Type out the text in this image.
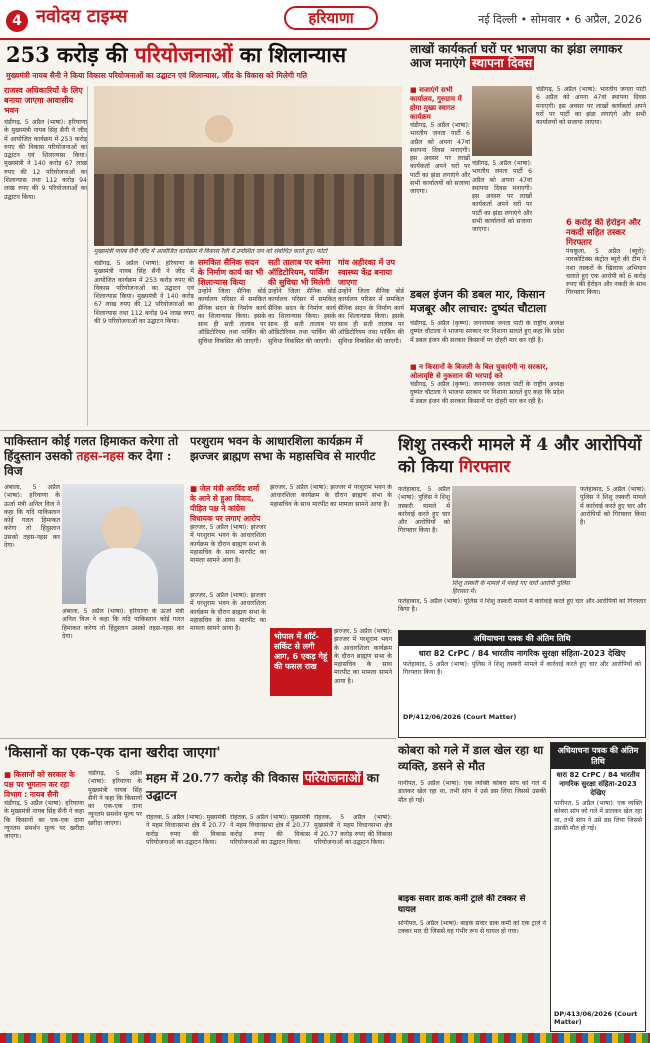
4 नवोदय टाइम्स	हरियाणा	नई दिल्ली • सोमवार • 6 अप्रैल, 2026
253 करोड़ की परियोजनाओं का शिलान्यास
मुख्यमंत्री नायब सैनी ने किया विकास परियोजनाओं का उद्घाटन एवं शिलान्यास, जींद के विकास को मिलेगी गति
राजस्व अधिकारियों के लिए बनाया जाएगा आवासीय भवन
चंडीगढ़, 5 अप्रैल (भाषा): हरियाणा के मुख्यमंत्री नायब सिंह सैनी ने जींद में आयोजित कार्यक्रम में 253 करोड़ रुपए की विकास परियोजनाओं का उद्घाटन एवं शिलान्यास किया। मुख्यमंत्री ने 140 करोड़ 67 लाख रुपए की 12 परियोजनाओं का शिलान्यास तथा 112 करोड़ 94 लाख रुपए की 9 परियोजनाओं का उद्घाटन किया।
मुख्यमंत्री नायब सैनी जींद में आयोजित कार्यक्रम में विकास रैली में उपस्थित जन को संबोधित करते हुए। फोटो
चंडीगढ़, 5 अप्रैल (भाषा): हरियाणा के मुख्यमंत्री नायब सिंह सैनी ने जींद में आयोजित कार्यक्रम में 253 करोड़ रुपए की विकास परियोजनाओं का उद्घाटन एवं शिलान्यास किया। मुख्यमंत्री ने 140 करोड़ 67 लाख रुपए की 12 परियोजनाओं का शिलान्यास तथा 112 करोड़ 94 लाख रुपए की 9 परियोजनाओं का उद्घाटन किया।
समकित सैनिक सदन के निर्माण कार्य का भी शिलान्यास किया
उन्होंने जिला सैनिक बोर्ड कार्यालय परिसर में समकित सैनिक सदन के निर्माण कार्य का शिलान्यास किया। इसके साथ ही सती तालाब पर ऑडिटोरियम तथा पार्किंग की सुविधा विकसित की जाएगी।
सती तालाब पर बनेगा ऑडिटोरियम, पार्किंग की सुविधा भी मिलेगी
उन्होंने जिला सैनिक बोर्ड कार्यालय परिसर में समकित सैनिक सदन के निर्माण कार्य का शिलान्यास किया। इसके साथ ही सती तालाब पर ऑडिटोरियम तथा पार्किंग की सुविधा विकसित की जाएगी।
गांव अहीरका में उप स्वास्थ्य केंद्र बनाया जाएगा
उन्होंने जिला सैनिक बोर्ड कार्यालय परिसर में समकित सैनिक सदन के निर्माण कार्य का शिलान्यास किया। इसके साथ ही सती तालाब पर ऑडिटोरियम तथा पार्किंग की सुविधा विकसित की जाएगी।
लाखों कार्यकर्ता घरों पर भाजपा का झंडा लगाकर आज मनाएंगे स्थापना दिवस
■ सजाएंगे सभी कार्यालय, गुरुग्राम में होगा मुख्य स्वागत कार्यक्रम
चंडीगढ़, 5 अप्रैल (भाषा): भारतीय जनता पार्टी 6 अप्रैल को अपना 47वां स्थापना दिवस मनाएगी। इस अवसर पर लाखों कार्यकर्ता अपने घरों पर पार्टी का झंडा लगाएंगे और सभी कार्यालयों को सजाया जाएगा।
चंडीगढ़, 5 अप्रैल (भाषा): भारतीय जनता पार्टी 6 अप्रैल को अपना 47वां स्थापना दिवस मनाएगी। इस अवसर पर लाखों कार्यकर्ता अपने घरों पर पार्टी का झंडा लगाएंगे और सभी कार्यालयों को सजाया जाएगा।
चंडीगढ़, 5 अप्रैल (भाषा): भारतीय जनता पार्टी 6 अप्रैल को अपना 47वां स्थापना दिवस मनाएगी। इस अवसर पर लाखों कार्यकर्ता अपने घरों पर पार्टी का झंडा लगाएंगे और सभी कार्यालयों को सजाया जाएगा।
6 करोड़ की हेरोइन और नकदी सहित तस्कर गिरफ्तार
पंचकूला, 5 अप्रैल (ब्यूरो): नारकोटिक्स कंट्रोल ब्यूरो की टीम ने नशा तस्करों के खिलाफ अभियान चलाते हुए एक आरोपी को 6 करोड़ रुपए की हेरोइन और नकदी के साथ गिरफ्तार किया।
डबल इंजन की डबल मार, किसान मजबूर और लाचार: दुष्यंत चौटाला
चंडीगढ़, 5 अप्रैल (कृष्ण): जननायक जनता पार्टी के राष्ट्रीय अध्यक्ष दुष्यंत चौटाला ने भाजपा सरकार पर निशाना साधते हुए कहा कि प्रदेश में डबल इंजन की सरकार किसानों पर दोहरी मार कर रही है।
■ न किसानों के बिजली के बिल चुकाएंगी ना सरकार, ओलावृष्टि से नुकसान की भरपाई करे
चंडीगढ़, 5 अप्रैल (कृष्ण): जननायक जनता पार्टी के राष्ट्रीय अध्यक्ष दुष्यंत चौटाला ने भाजपा सरकार पर निशाना साधते हुए कहा कि प्रदेश में डबल इंजन की सरकार किसानों पर दोहरी मार कर रही है।
पाकिस्तान कोई गलत हिमाकत करेगा तो हिंदुस्तान उसको तहस-नहस कर देगा : विज
अंबाला, 5 अप्रैल (भाषा): हरियाणा के ऊर्जा मंत्री अनिल विज ने कहा कि यदि पाकिस्तान कोई गलत हिमाकत करेगा तो हिंदुस्तान उसको तहस-नहस कर देगा।
अंबाला, 5 अप्रैल (भाषा): हरियाणा के ऊर्जा मंत्री अनिल विज ने कहा कि यदि पाकिस्तान कोई गलत हिमाकत करेगा तो हिंदुस्तान उसको तहस-नहस कर देगा।
परशुराम भवन के आधारशिला कार्यक्रम में झज्जर ब्राह्मण सभा के महासचिव से मारपीट
■ जेल मंत्री अरविंद शर्मा के आने से हुआ विवाद, पीड़ित पक्ष ने कांग्रेस विधायक पर लगाए आरोप
झज्जर, 5 अप्रैल (भाषा): झज्जर में परशुराम भवन के आधारशिला कार्यक्रम के दौरान ब्राह्मण सभा के महासचिव के साथ मारपीट का मामला सामने आया है।
झज्जर, 5 अप्रैल (भाषा): झज्जर में परशुराम भवन के आधारशिला कार्यक्रम के दौरान ब्राह्मण सभा के महासचिव के साथ मारपीट का मामला सामने आया है।
झज्जर, 5 अप्रैल (भाषा): झज्जर में परशुराम भवन के आधारशिला कार्यक्रम के दौरान ब्राह्मण सभा के महासचिव के साथ मारपीट का मामला सामने आया है।
भोपाल में शॉर्ट-सर्किट से लगी आग, 6 एकड़ गेहूं की फसल राख
झज्जर, 5 अप्रैल (भाषा): झज्जर में परशुराम भवन के आधारशिला कार्यक्रम के दौरान ब्राह्मण सभा के महासचिव के साथ मारपीट का मामला सामने आया है।
शिशु तस्करी मामले में 4 और आरोपियों को किया गिरफ्तार
फतेहाबाद, 5 अप्रैल (भाषा): पुलिस ने शिशु तस्करी मामले में कार्रवाई करते हुए चार और आरोपियों को गिरफ्तार किया है।
शिशु तस्करी के मामले में पकड़े गए चारों आरोपी पुलिस हिरासत में।
फतेहाबाद, 5 अप्रैल (भाषा): पुलिस ने शिशु तस्करी मामले में कार्रवाई करते हुए चार और आरोपियों को गिरफ्तार किया है।
फतेहाबाद, 5 अप्रैल (भाषा): पुलिस ने शिशु तस्करी मामले में कार्रवाई करते हुए चार और आरोपियों को गिरफ्तार किया है।
अधियाचना पत्रक की अंतिम तिथि
धारा 82 CrPC / 84 भारतीय नागरिक सुरक्षा संहिता-2023 देखिए
फतेहाबाद, 5 अप्रैल (भाषा): पुलिस ने शिशु तस्करी मामले में कार्रवाई करते हुए चार और आरोपियों को गिरफ्तार किया है।
DP/412/06/2026 (Court Matter)
'किसानों का एक-एक दाना खरीदा जाएगा'
■ किसानों को सरकार के पक्ष पर भुगतान कर रहा विभाग : नायब सैनी
चंडीगढ़, 5 अप्रैल (भाषा): हरियाणा के मुख्यमंत्री नायब सिंह सैनी ने कहा कि किसानों का एक-एक दाना न्यूनतम समर्थन मूल्य पर खरीदा जाएगा।
चंडीगढ़, 5 अप्रैल (भाषा): हरियाणा के मुख्यमंत्री नायब सिंह सैनी ने कहा कि किसानों का एक-एक दाना न्यूनतम समर्थन मूल्य पर खरीदा जाएगा।
महम में 20.77 करोड़ की विकास परियोजनाओं का उद्घाटन
रोहतक, 5 अप्रैल (भाषा): मुख्यमंत्री ने महम विधानसभा क्षेत्र में 20.77 करोड़ रुपए की विकास परियोजनाओं का उद्घाटन किया।
रोहतक, 5 अप्रैल (भाषा): मुख्यमंत्री ने महम विधानसभा क्षेत्र में 20.77 करोड़ रुपए की विकास परियोजनाओं का उद्घाटन किया।
रोहतक, 5 अप्रैल (भाषा): मुख्यमंत्री ने महम विधानसभा क्षेत्र में 20.77 करोड़ रुपए की विकास परियोजनाओं का उद्घाटन किया।
कोबरा को गले में डाल खेल रहा था व्यक्ति, डसने से मौत
पानीपत, 5 अप्रैल (भाषा): एक व्यक्ति कोबरा सांप को गले में डालकर खेल रहा था, तभी सांप ने उसे डस लिया जिससे उसकी मौत हो गई।
बाइक सवार डाक कर्मी ट्राले की टक्कर से घायल
सोनीपत, 5 अप्रैल (भाषा): बाइक सवार डाक कर्मी को एक ट्राले ने टक्कर मार दी जिससे वह गंभीर रूप से घायल हो गया।
अधियाचना पत्रक की अंतिम तिथि
धारा 82 CrPC / 84 भारतीय नागरिक सुरक्षा संहिता-2023 देखिए
पानीपत, 5 अप्रैल (भाषा): एक व्यक्ति कोबरा सांप को गले में डालकर खेल रहा था, तभी सांप ने उसे डस लिया जिससे उसकी मौत हो गई।
DP/413/06/2026 (Court Matter)
